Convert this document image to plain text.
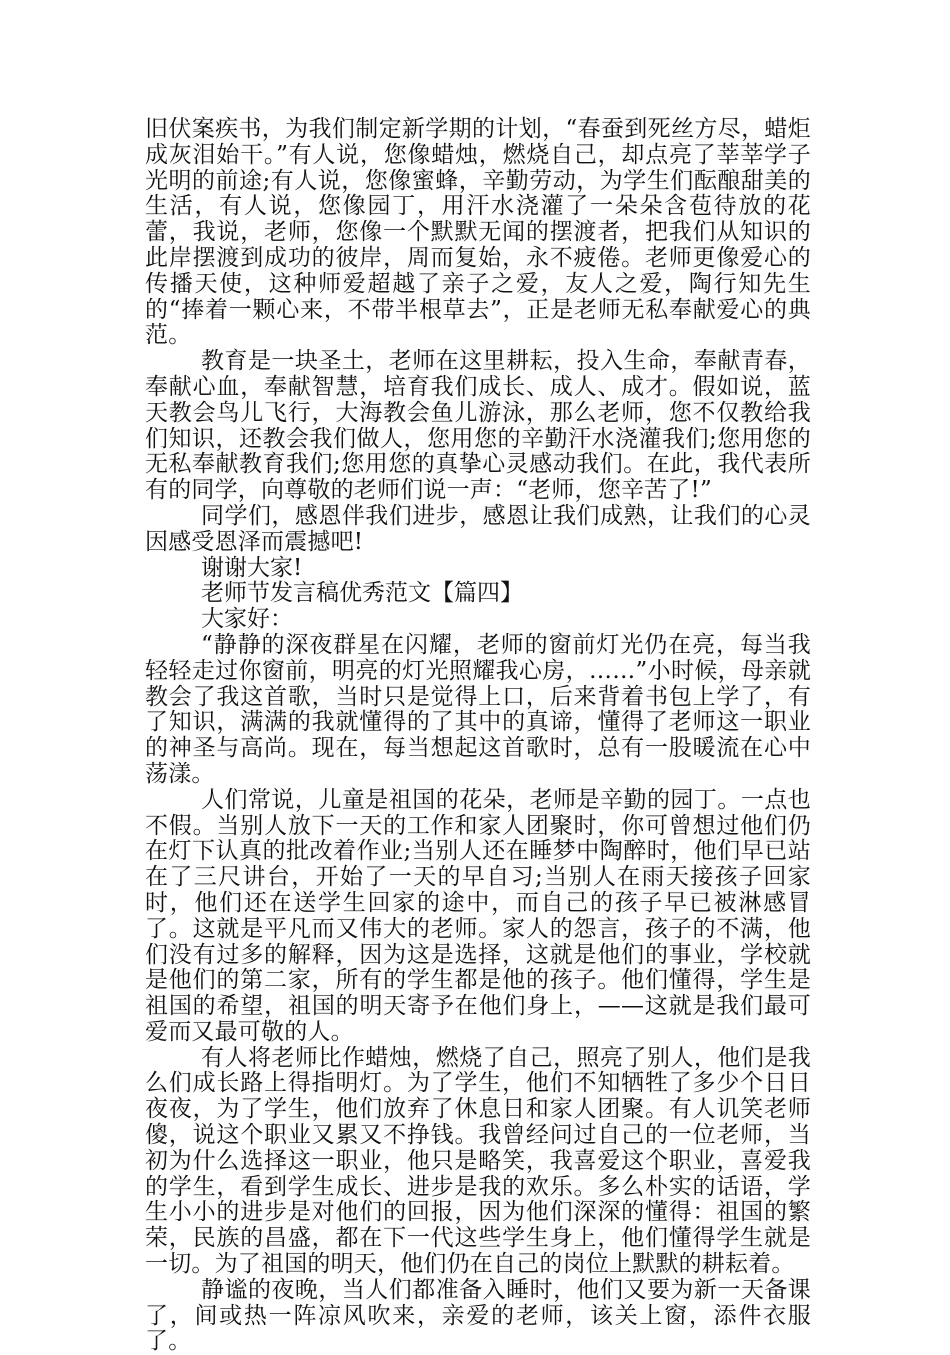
旧伏案疾书，为我们制定新学期的计划，“春蚕到死丝方尽，蜡炬成灰泪始干。”有人说，您像蜡烛，燃烧自己，却点亮了莘莘学子光明的前途;有人说，您像蜜蜂，辛勤劳动，为学生们酝酿甜美的生活，有人说，您像园丁，用汗水浇灌了一朵朵含苞待放的花蕾，我说，老师，您像一个默默无闻的摆渡者，把我们从知识的此岸摆渡到成功的彼岸，周而复始，永不疲倦。老师更像爱心的传播天使，这种师爱超越了亲子之爱，友人之爱，陶行知先生的“捧着一颗心来，不带半根草去”，正是老师无私奉献爱心的典范。

教育是一块圣土，老师在这里耕耘，投入生命，奉献青春，奉献心血，奉献智慧，培育我们成长、成人、成才。假如说，蓝天教会鸟儿飞行，大海教会鱼儿游泳，那么老师，您不仅教给我们知识，还教会我们做人，您用您的辛勤汗水浇灌我们;您用您的无私奉献教育我们;您用您的真挚心灵感动我们。在此，我代表所有的同学，向尊敬的老师们说一声：“老师，您辛苦了!”

同学们，感恩伴我们进步，感恩让我们成熟，让我们的心灵因感受恩泽而震撼吧!

谢谢大家!

老师节发言稿优秀范文【篇四】

大家好：

“静静的深夜群星在闪耀，老师的窗前灯光仍在亮，每当我轻轻走过你窗前，明亮的灯光照耀我心房，……”小时候，母亲就教会了我这首歌，当时只是觉得上口，后来背着书包上学了，有了知识，满满的我就懂得的了其中的真谛，懂得了老师这一职业的神圣与高尚。现在，每当想起这首歌时，总有一股暖流在心中荡漾。

人们常说，儿童是祖国的花朵，老师是辛勤的园丁。一点也不假。当别人放下一天的工作和家人团聚时，你可曾想过他们仍在灯下认真的批改着作业;当别人还在睡梦中陶醉时，他们早已站在了三尺讲台，开始了一天的早自习;当别人在雨天接孩子回家时，他们还在送学生回家的途中，而自己的孩子早已被淋感冒了。这就是平凡而又伟大的老师。家人的怨言，孩子的不满，他们没有过多的解释，因为这是选择，这就是他们的事业，学校就是他们的第二家，所有的学生都是他的孩子。他们懂得，学生是祖国的希望，祖国的明天寄予在他们身上，——这就是我们最可爱而又最可敬的人。

有人将老师比作蜡烛，燃烧了自己，照亮了别人，他们是我么们成长路上得指明灯。为了学生，他们不知牺牲了多少个日日夜夜，为了学生，他们放弃了休息日和家人团聚。有人讥笑老师傻，说这个职业又累又不挣钱。我曾经问过自己的一位老师，当初为什么选择这一职业，他只是略笑，我喜爱这个职业，喜爱我的学生，看到学生成长、进步是我的欢乐。多么朴实的话语，学生小小的进步是对他们的回报，因为他们深深的懂得：祖国的繁荣，民族的昌盛，都在下一代这些学生身上，他们懂得学生就是一切。为了祖国的明天，他们仍在自己的岗位上默默的耕耘着。

静谧的夜晚，当人们都准备入睡时，他们又要为新一天备课了，间或热一阵凉风吹来，亲爱的老师，该关上窗，添件衣服了。
